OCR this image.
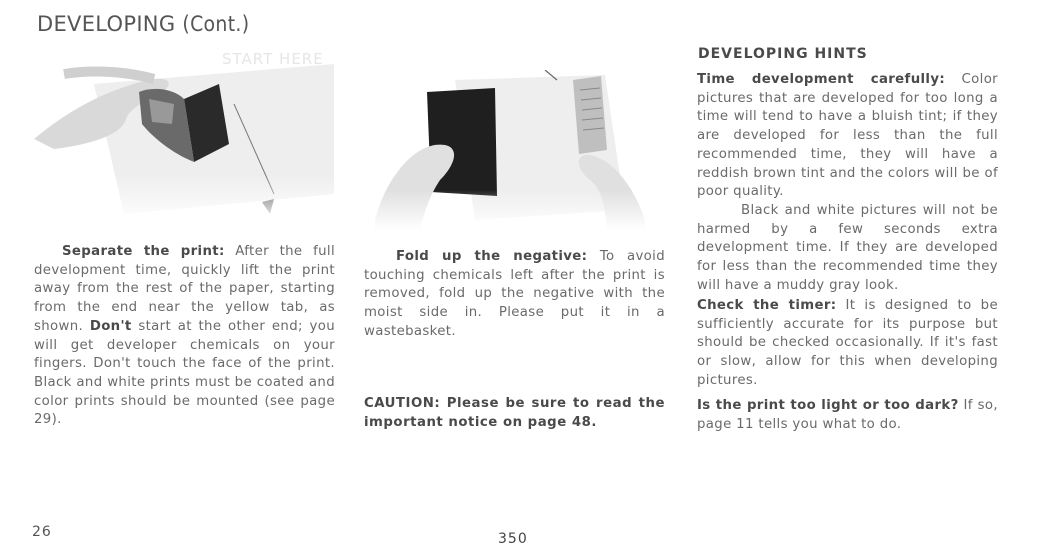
DEVELOPING (Cont.)
START HERE

Separate the print: After the full development time, quickly lift the print away from the rest of the paper, starting from the end near the yellow tab, as shown. Don't start at the other end; you will get developer chemicals on your fingers. Don't touch the face of the print. Black and white prints must be coated and color prints should be mounted (see page 29).

Fold up the negative: To avoid touching chemicals left after the print is removed, fold up the negative with the moist side in. Please put it in a wastebasket.

CAUTION: Please be sure to read the important notice on page 48.

DEVELOPING HINTS

Time development carefully: Color pictures that are developed for too long a time will tend to have a bluish tint; if they are developed for less than the full recommended time, they will have a reddish brown tint and the colors will be of poor quality.

Black and white pictures will not be harmed by a few seconds extra development time. If they are developed for less than the recommended time they will have a muddy gray look.

Check the timer: It is designed to be sufficiently accurate for its purpose but should be checked occasionally. If it's fast or slow, allow for this when developing pictures.

Is the print too light or too dark? If so, page 11 tells you what to do.

26	350
